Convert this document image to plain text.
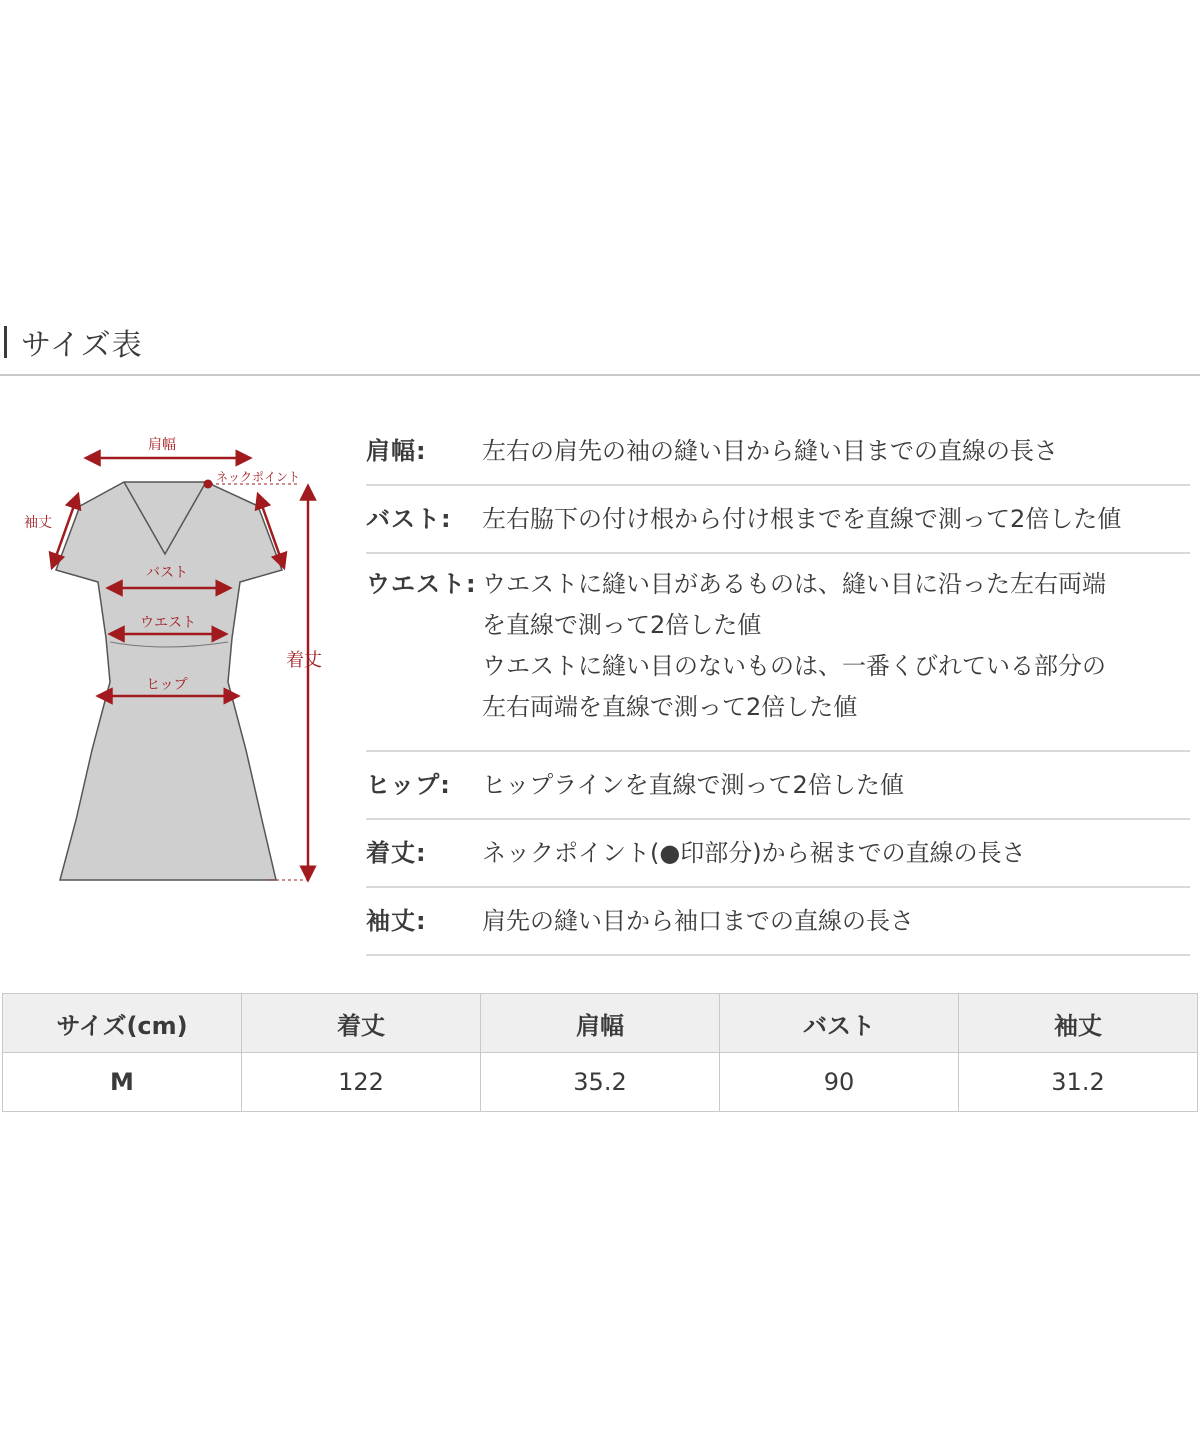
サイズ表
肩幅
ネックポイント
袖丈
バスト
ウエスト
ヒップ
着丈
肩幅:	左右の肩先の袖の縫い目から縫い目までの直線の長さ
バスト:	左右脇下の付け根から付け根までを直線で測って2倍した値
ウエスト: ウエストに縫い目があるものは、縫い目に沿った左右両端
を直線で測って2倍した値
ウエストに縫い目のないものは、一番くびれている部分の
左右両端を直線で測って2倍した値
ヒップ:	ヒップラインを直線で測って2倍した値
着丈:	ネックポイント(●印部分)から裾までの直線の長さ
袖丈:	肩先の縫い目から袖口までの直線の長さ
サイズ(cm)	着丈	肩幅	バスト	袖丈
M	122	35.2	90	31.2
